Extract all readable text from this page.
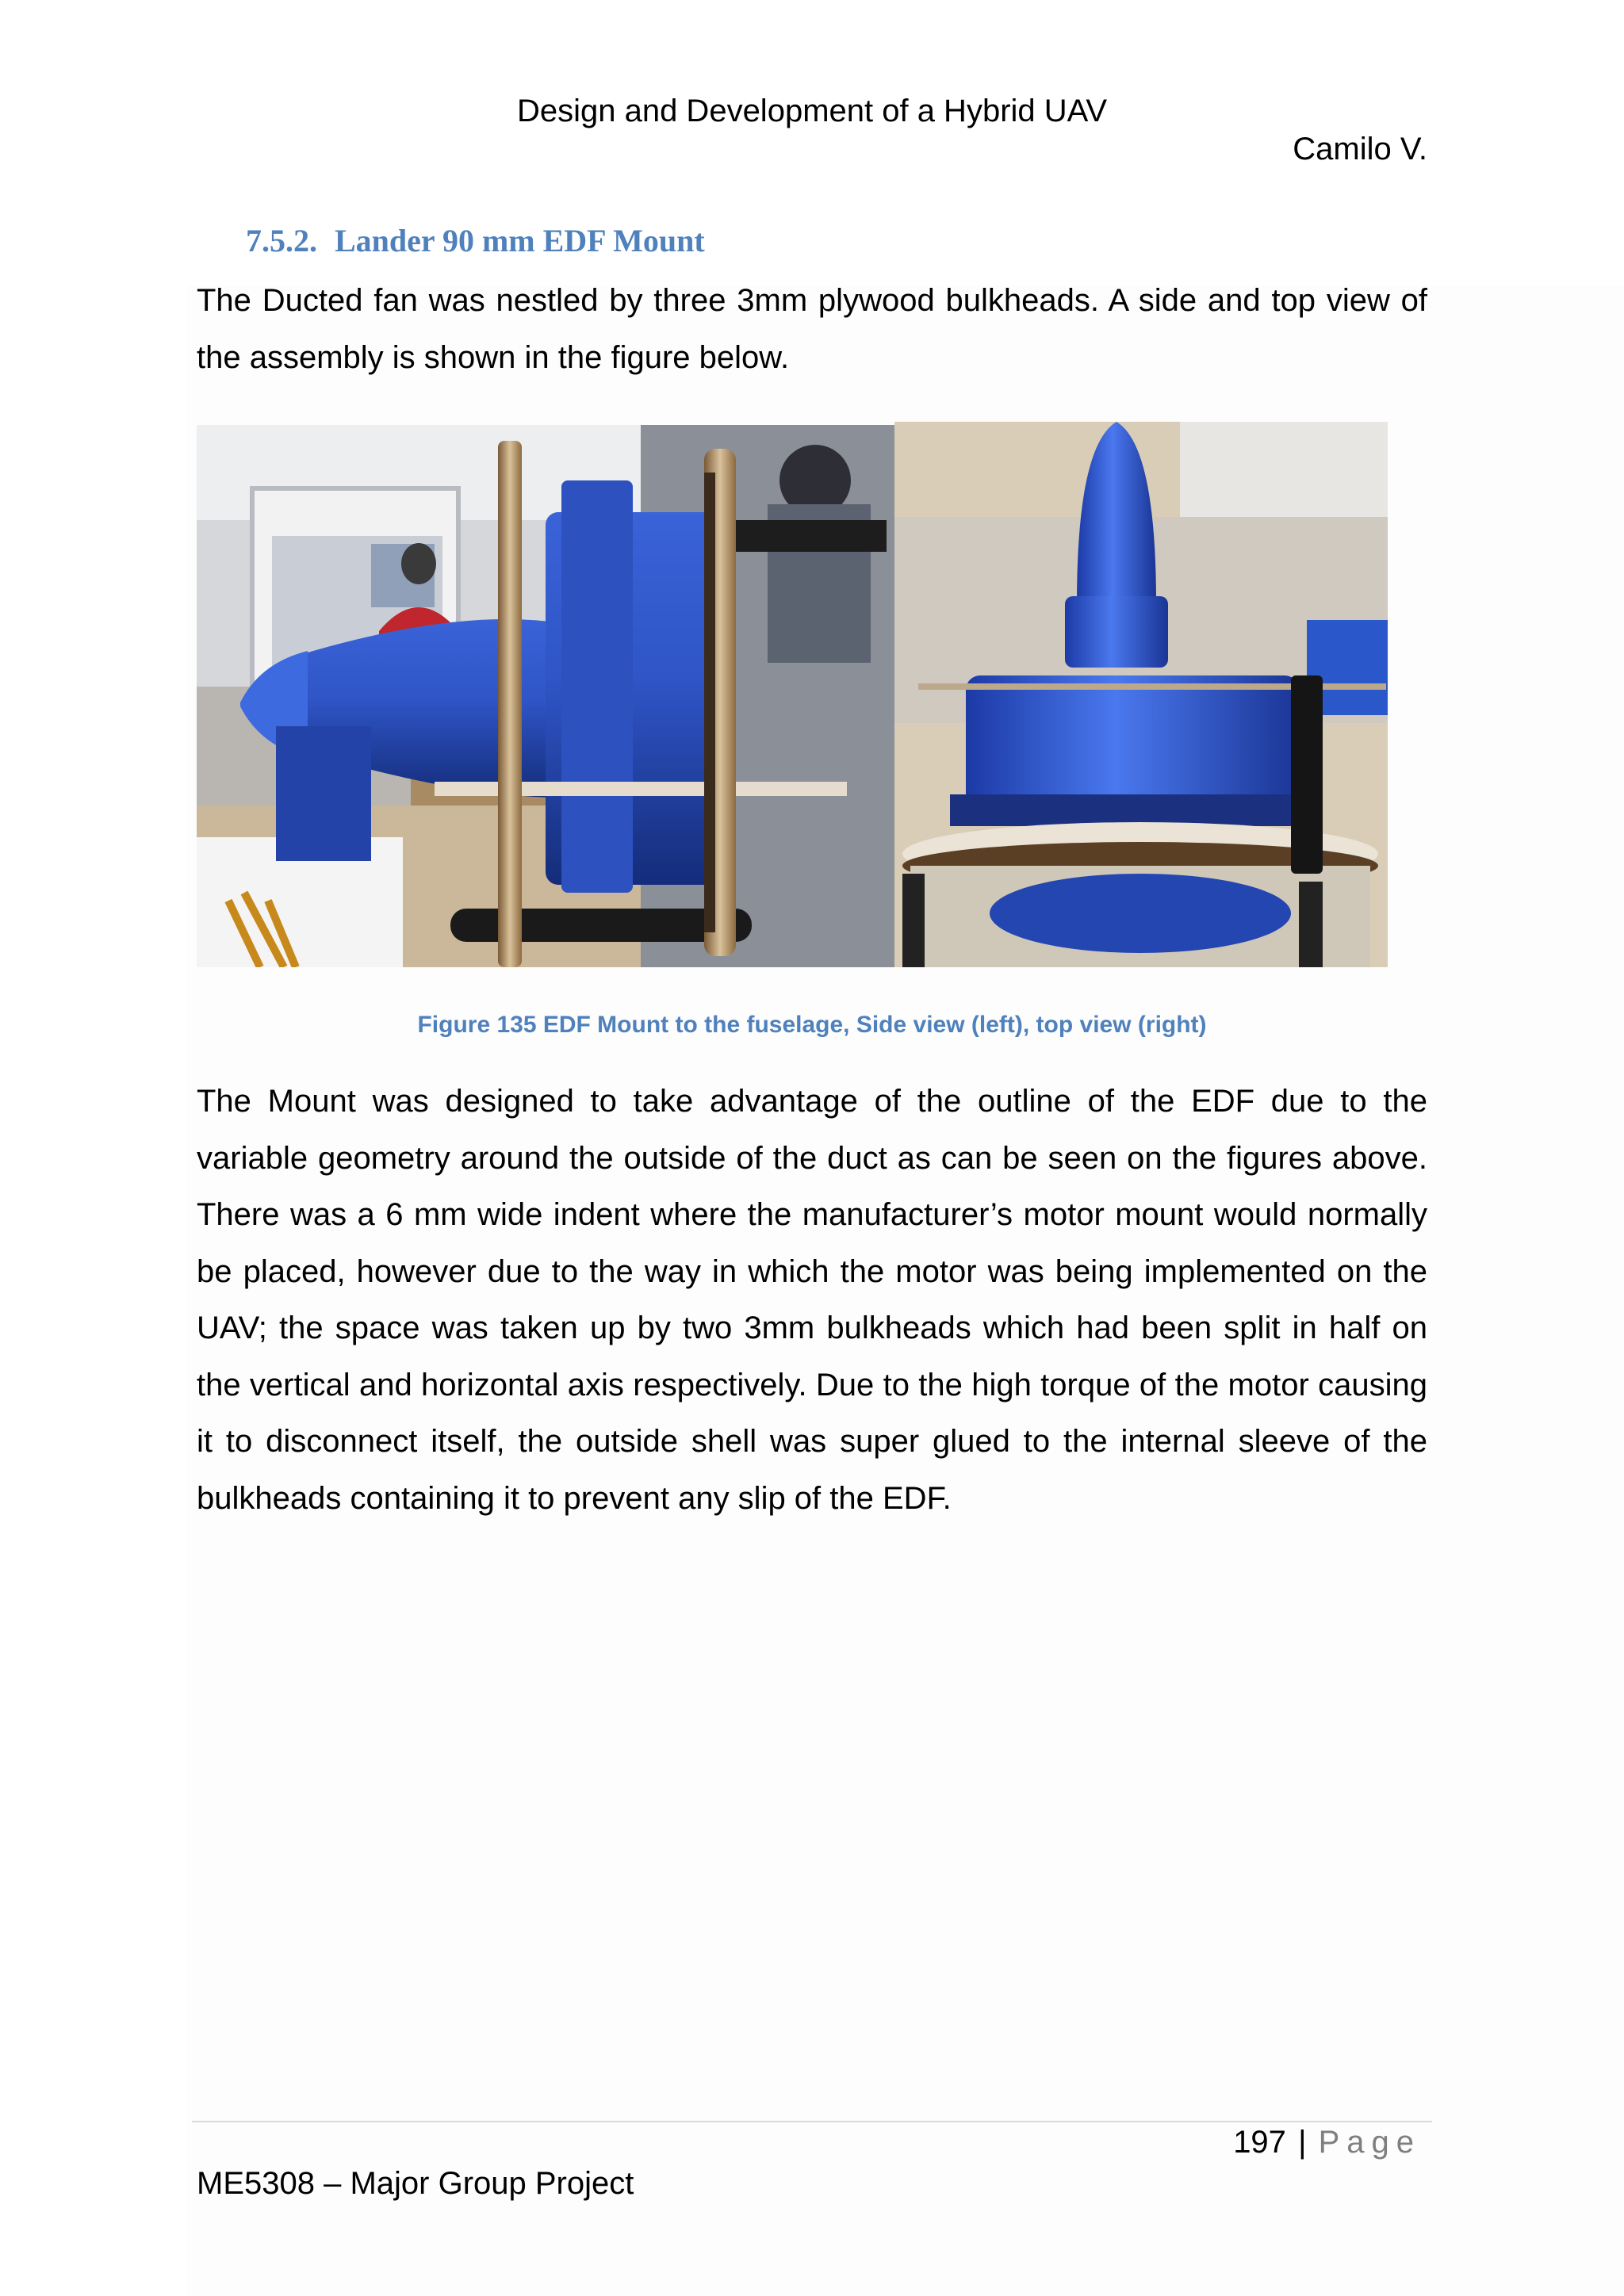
Design and Development of a Hybrid UAV
Camilo V.
7.5.2. Lander 90 mm EDF Mount
The Ducted fan was nestled by three 3mm plywood bulkheads. A side and top view of the assembly is shown in the figure below.
Figure 135 EDF Mount to the fuselage, Side view (left), top view (right)
The Mount was designed to take advantage of the outline of the EDF due to the variable geometry around the outside of the duct as can be seen on the figures above. There was a 6 mm wide indent where the manufacturer’s motor mount would normally be placed, however due to the way in which the motor was being implemented on the UAV; the space was taken up by two 3mm bulkheads which had been split in half on the vertical and horizontal axis respectively. Due to the high torque of the motor causing it to disconnect itself, the outside shell was super glued to the internal sleeve of the bulkheads containing it to prevent any slip of the EDF.
197 | Page
ME5308 – Major Group Project
